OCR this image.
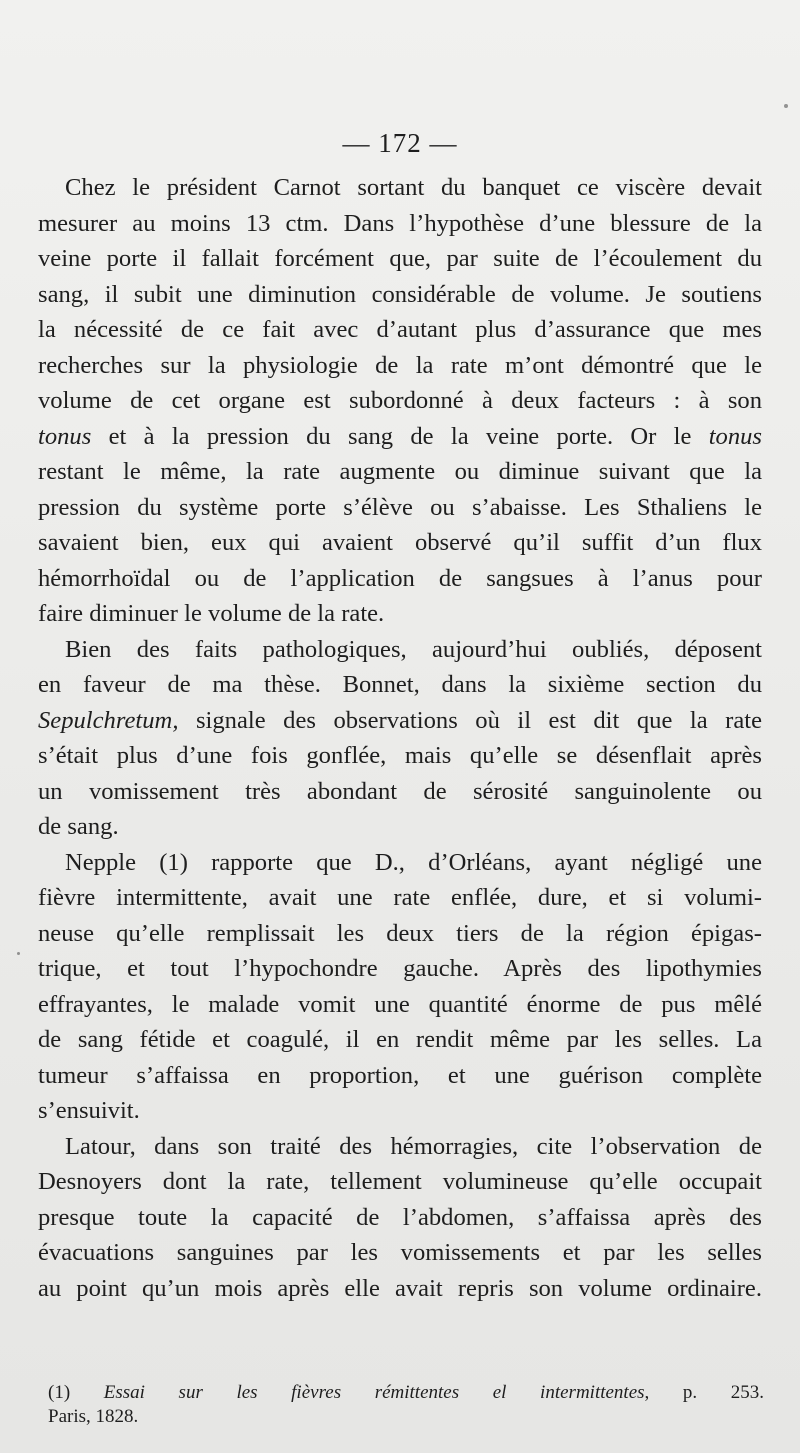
— 172 —
Chez le président Carnot sortant du banquet ce viscère devait
mesurer au moins 13 ctm. Dans l’hypothèse d’une blessure de la
veine porte il fallait forcément que, par suite de l’écoulement du
sang, il subit une diminution considérable de volume. Je soutiens
la nécessité de ce fait avec d’autant plus d’assurance que mes
recherches sur la physiologie de la rate m’ont démontré que le
volume de cet organe est subordonné à deux facteurs : à son
tonus et à la pression du sang de la veine porte. Or le tonus
restant le même, la rate augmente ou diminue suivant que la
pression du système porte s’élève ou s’abaisse. Les Sthaliens le
savaient bien, eux qui avaient observé qu’il suffit d’un flux
hémorrhoïdal ou de l’application de sangsues à l’anus pour
faire diminuer le volume de la rate.
Bien des faits pathologiques, aujourd’hui oubliés, déposent
en faveur de ma thèse. Bonnet, dans la sixième section du
Sepulchretum, signale des observations où il est dit que la rate
s’était plus d’une fois gonflée, mais qu’elle se désenflait après
un vomissement très abondant de sérosité sanguinolente ou
de sang.
Nepple (1) rapporte que D., d’Orléans, ayant négligé une
fièvre intermittente, avait une rate enflée, dure, et si volumi-
neuse qu’elle remplissait les deux tiers de la région épigas-
trique, et tout l’hypochondre gauche. Après des lipothymies
effrayantes, le malade vomit une quantité énorme de pus mêlé
de sang fétide et coagulé, il en rendit même par les selles. La
tumeur s’affaissa en proportion, et une guérison complète
s’ensuivit.
Latour, dans son traité des hémorragies, cite l’observation de
Desnoyers dont la rate, tellement volumineuse qu’elle occupait
presque toute la capacité de l’abdomen, s’affaissa après des
évacuations sanguines par les vomissements et par les selles
au point qu’un mois après elle avait repris son volume ordinaire.
(1) Essai sur les fièvres rémittentes el intermittentes, p. 253.
Paris, 1828.
